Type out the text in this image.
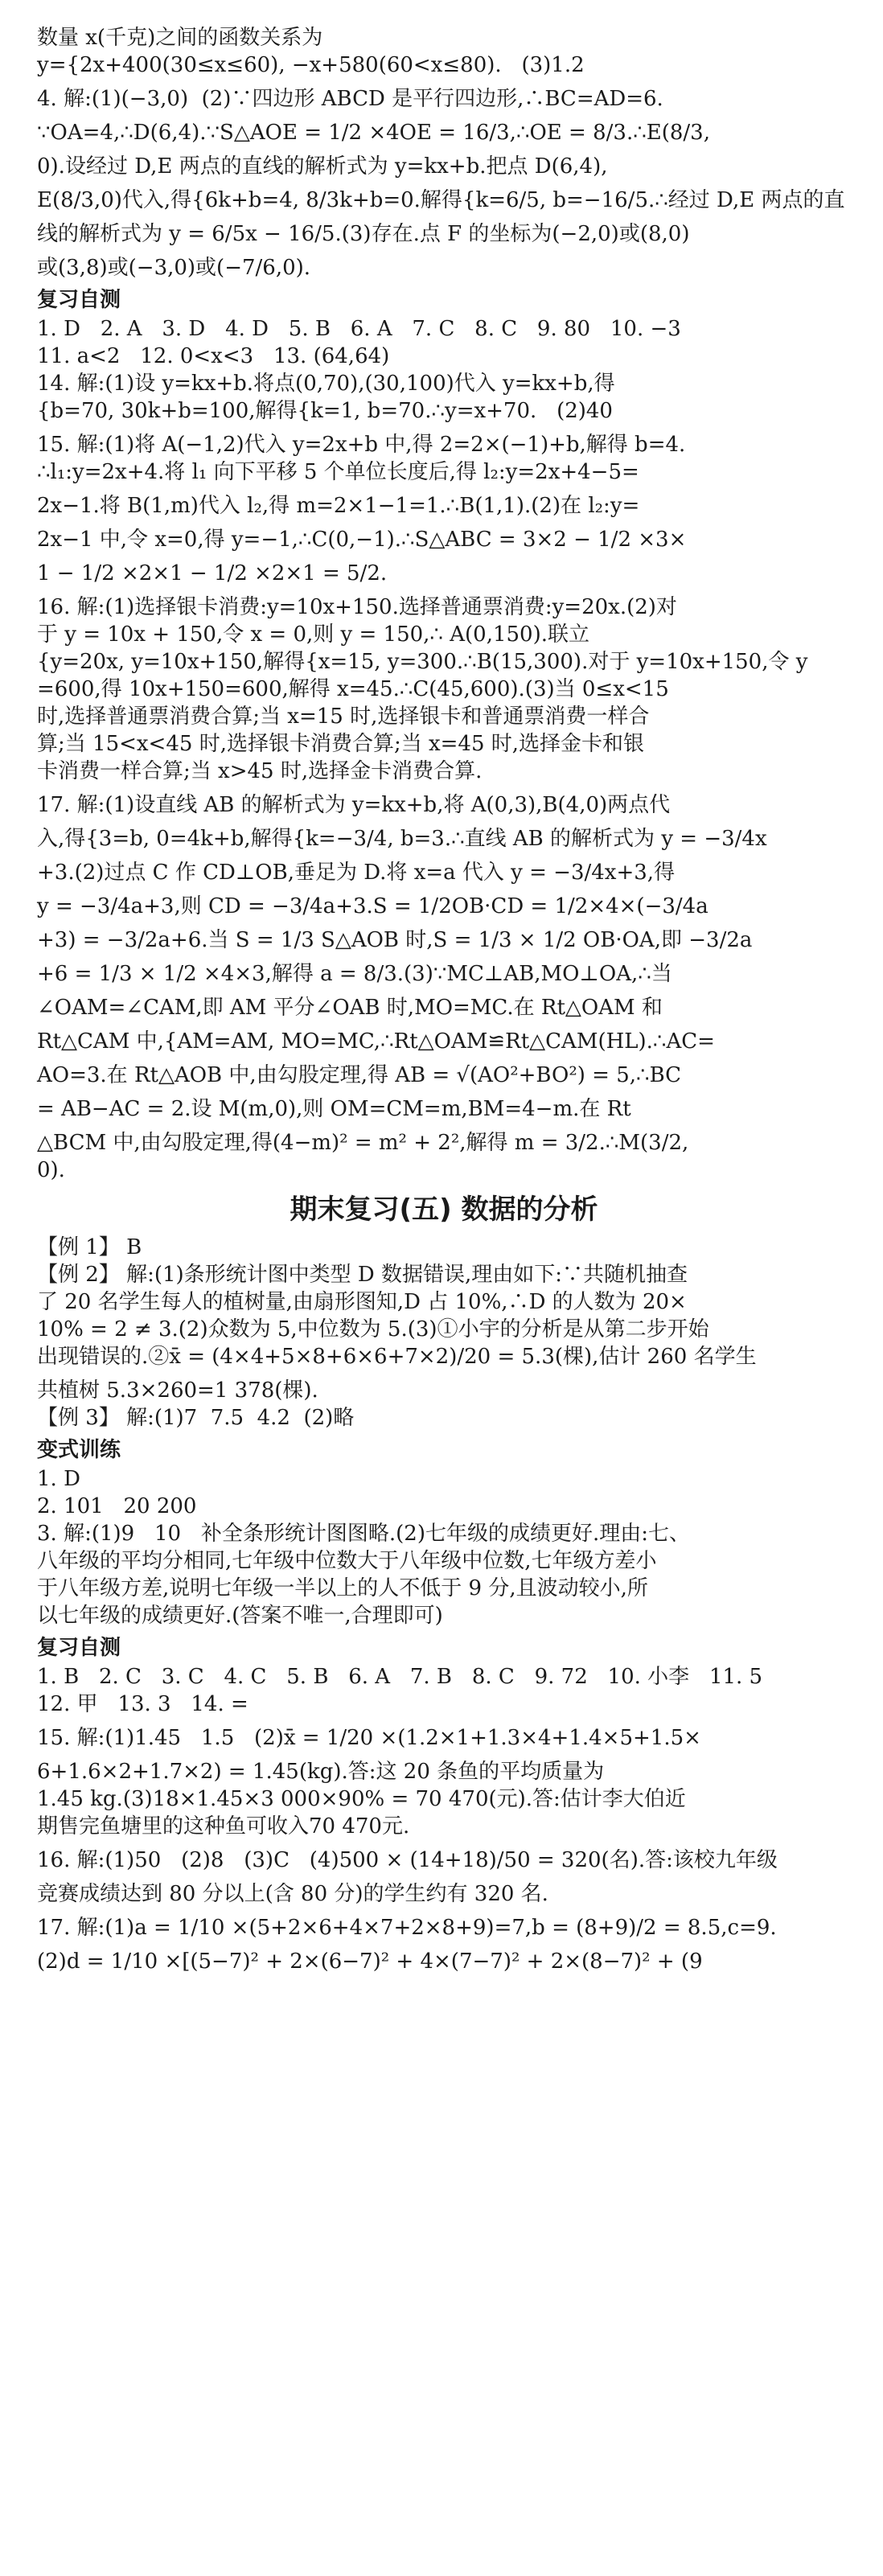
数量 x(千克)之间的函数关系为

y={2x+400(30≤x≤60), −x+580(60<x≤80).   (3)1.2

4. 解:(1)(−3,0)  (2)∵四边形 ABCD 是平行四边形,∴BC=AD=6.

∵OA=4,∴D(6,4).∵S△AOE = 1/2 ×4OE = 16/3,∴OE = 8/3.∴E(8/3,

0).设经过 D,E 两点的直线的解析式为 y=kx+b.把点 D(6,4),

E(8/3,0)代入,得{6k+b=4, 8/3k+b=0.解得{k=6/5, b=−16/5.∴经过 D,E 两点的直

线的解析式为 y = 6/5x − 16/5.(3)存在.点 F 的坐标为(−2,0)或(8,0)

或(3,8)或(−3,0)或(−7/6,0).

复习自测

1. D   2. A   3. D   4. D   5. B   6. A   7. C   8. C   9. 80   10. −3

11. a<2   12. 0<x<3   13. (64,64)

14. 解:(1)设 y=kx+b.将点(0,70),(30,100)代入 y=kx+b,得

{b=70, 30k+b=100,解得{k=1, b=70.∴y=x+70.   (2)40

15. 解:(1)将 A(−1,2)代入 y=2x+b 中,得 2=2×(−1)+b,解得 b=4.

∴l₁:y=2x+4.将 l₁ 向下平移 5 个单位长度后,得 l₂:y=2x+4−5=

2x−1.将 B(1,m)代入 l₂,得 m=2×1−1=1.∴B(1,1).(2)在 l₂:y=

2x−1 中,令 x=0,得 y=−1,∴C(0,−1).∴S△ABC = 3×2 − 1/2 ×3×

1 − 1/2 ×2×1 − 1/2 ×2×1 = 5/2.

16. 解:(1)选择银卡消费:y=10x+150.选择普通票消费:y=20x.(2)对

于 y = 10x + 150,令 x = 0,则 y = 150,∴ A(0,150).联立

{y=20x, y=10x+150,解得{x=15, y=300.∴B(15,300).对于 y=10x+150,令 y

=600,得 10x+150=600,解得 x=45.∴C(45,600).(3)当 0≤x<15

时,选择普通票消费合算;当 x=15 时,选择银卡和普通票消费一样合

算;当 15<x<45 时,选择银卡消费合算;当 x=45 时,选择金卡和银

卡消费一样合算;当 x>45 时,选择金卡消费合算.

17. 解:(1)设直线 AB 的解析式为 y=kx+b,将 A(0,3),B(4,0)两点代

入,得{3=b, 0=4k+b,解得{k=−3/4, b=3.∴直线 AB 的解析式为 y = −3/4x

+3.(2)过点 C 作 CD⊥OB,垂足为 D.将 x=a 代入 y = −3/4x+3,得

y = −3/4a+3,则 CD = −3/4a+3.S = 1/2OB·CD = 1/2×4×(−3/4a

+3) = −3/2a+6.当 S = 1/3 S△AOB 时,S = 1/3 × 1/2 OB·OA,即 −3/2a

+6 = 1/3 × 1/2 ×4×3,解得 a = 8/3.(3)∵MC⊥AB,MO⊥OA,∴当

∠OAM=∠CAM,即 AM 平分∠OAB 时,MO=MC.在 Rt△OAM 和

Rt△CAM 中,{AM=AM, MO=MC,∴Rt△OAM≌Rt△CAM(HL).∴AC=

AO=3.在 Rt△AOB 中,由勾股定理,得 AB = √(AO²+BO²) = 5,∴BC

= AB−AC = 2.设 M(m,0),则 OM=CM=m,BM=4−m.在 Rt

△BCM 中,由勾股定理,得(4−m)² = m² + 2²,解得 m = 3/2.∴M(3/2,

0).

期末复习(五) 数据的分析

【例 1】 B

【例 2】 解:(1)条形统计图中类型 D 数据错误,理由如下:∵共随机抽查

了 20 名学生每人的植树量,由扇形图知,D 占 10%,∴D 的人数为 20×

10% = 2 ≠ 3.(2)众数为 5,中位数为 5.(3)①小宇的分析是从第二步开始

出现错误的.②x̄ = (4×4+5×8+6×6+7×2)/20 = 5.3(棵),估计 260 名学生

共植树 5.3×260=1 378(棵).

【例 3】 解:(1)7  7.5  4.2  (2)略

变式训练

1. D

2. 101   20 200

3. 解:(1)9   10   补全条形统计图图略.(2)七年级的成绩更好.理由:七、

八年级的平均分相同,七年级中位数大于八年级中位数,七年级方差小

于八年级方差,说明七年级一半以上的人不低于 9 分,且波动较小,所

以七年级的成绩更好.(答案不唯一,合理即可)

复习自测

1. B   2. C   3. C   4. C   5. B   6. A   7. B   8. C   9. 72   10. 小李   11. 5

12. 甲   13. 3   14. =

15. 解:(1)1.45   1.5   (2)x̄ = 1/20 ×(1.2×1+1.3×4+1.4×5+1.5×

6+1.6×2+1.7×2) = 1.45(kg).答:这 20 条鱼的平均质量为

1.45 kg.(3)18×1.45×3 000×90% = 70 470(元).答:估计李大伯近

期售完鱼塘里的这种鱼可收入70 470元.

16. 解:(1)50   (2)8   (3)C   (4)500 × (14+18)/50 = 320(名).答:该校九年级

竞赛成绩达到 80 分以上(含 80 分)的学生约有 320 名.

17. 解:(1)a = 1/10 ×(5+2×6+4×7+2×8+9)=7,b = (8+9)/2 = 8.5,c=9.

(2)d = 1/10 ×[(5−7)² + 2×(6−7)² + 4×(7−7)² + 2×(8−7)² + (9
